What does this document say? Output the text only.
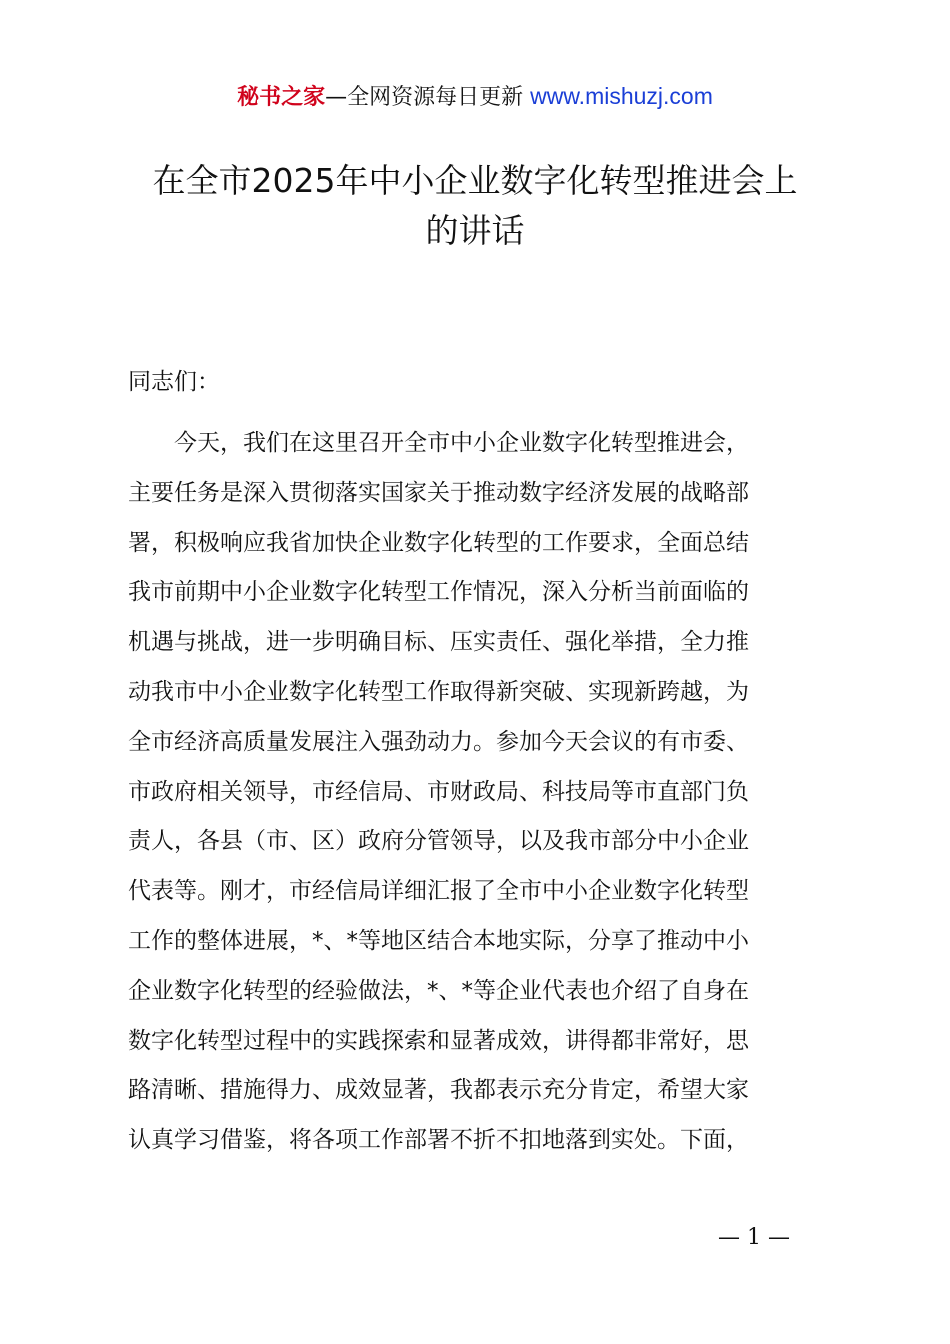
秘书之家—全网资源每日更新 www.mishuzj.com
在全市2025年中小企业数字化转型推进会上
的讲话
同志们：
今天，我们在这里召开全市中小企业数字化转型推进会，
主要任务是深入贯彻落实国家关于推动数字经济发展的战略部
署，积极响应我省加快企业数字化转型的工作要求，全面总结
我市前期中小企业数字化转型工作情况，深入分析当前面临的
机遇与挑战，进一步明确目标、压实责任、强化举措，全力推
动我市中小企业数字化转型工作取得新突破、实现新跨越，为
全市经济高质量发展注入强劲动力。参加今天会议的有市委、
市政府相关领导，市经信局、市财政局、科技局等市直部门负
责人，各县（市、区）政府分管领导，以及我市部分中小企业
代表等。刚才，市经信局详细汇报了全市中小企业数字化转型
工作的整体进展，*、*等地区结合本地实际，分享了推动中小
企业数字化转型的经验做法，*、*等企业代表也介绍了自身在
数字化转型过程中的实践探索和显著成效，讲得都非常好，思
路清晰、措施得力、成效显著，我都表示充分肯定，希望大家
认真学习借鉴，将各项工作部署不折不扣地落到实处。下面，
— 1 —
